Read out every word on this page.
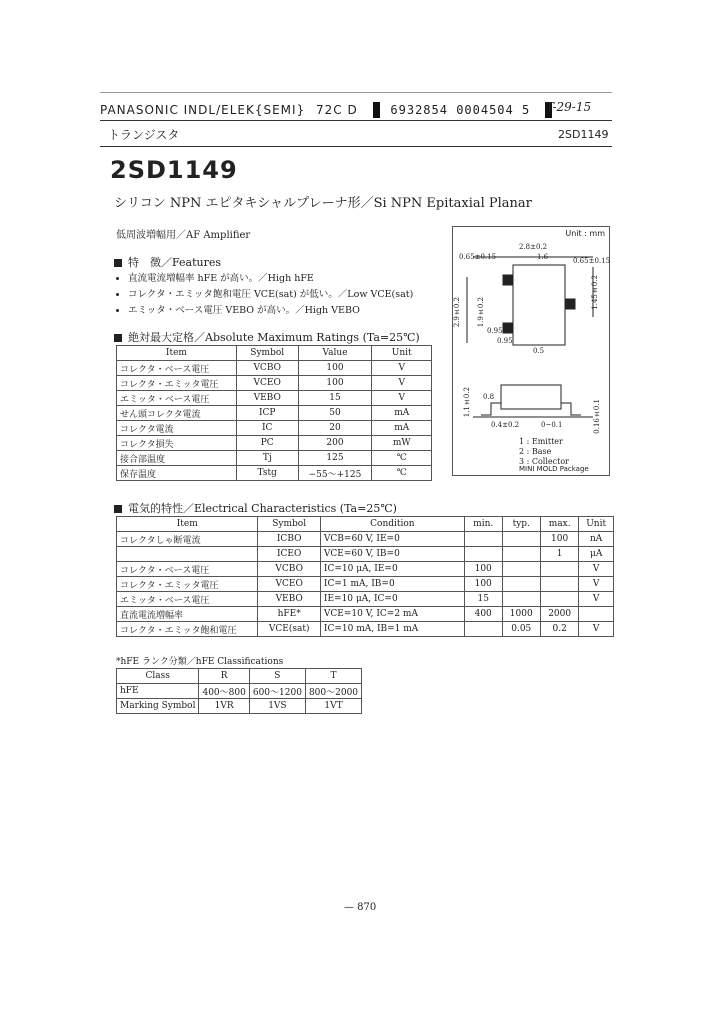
PANASONIC INDL/ELEK{SEMI} 72C D	6932854 0004504 5	T-29-15
トランジスタ	2SD1149
2SD1149
シリコン NPN エピタキシャルプレーナ形／Si NPN Epitaxial Planar
低周波増幅用／AF Amplifier
特　徴／Features
• 直流電流増幅率 hFE が高い。／High hFE
• コレクタ・エミッタ飽和電圧 VCE(sat) が低い。／Low VCE(sat)
• エミッタ・ベース電圧 VEBO が高い。／High VEBO
絶対最大定格／Absolute Maximum Ratings (Ta=25℃)
Item	Symbol	Value	Unit
コレクタ・ベース電圧	VCBO	100	V
コレクタ・エミッタ電圧	VCEO	100	V
エミッタ・ベース電圧	VEBO	15	V
せん頭コレクタ電流	ICP	50	mA
コレクタ電流	IC	20	mA
コレクタ損失	PC	200	mW
接合部温度	Tj	125	℃
保存温度	Tstg	−55～+125	℃
Unit : mm
2.8±0.2
1.6
0.65±0.15	0.65±0.15
2.9±0.2 1.9±0.2
0.95
0.95
1.45±0.2
1.1±0.2 0.8
0.4±0.2	0~0.1	0.16±0.1
0.5
1 : Emitter
2 : Base
3 : Collector
MINI MOLD Package
電気的特性／Electrical Characteristics (Ta=25℃)
Item	Symbol	Condition	min.	typ.	max.	Unit
コレクタしゃ断電流	ICBO	VCB=60 V, IE=0			100	nA
	ICEO	VCE=60 V, IB=0			1	μA
コレクタ・ベース電圧	VCBO	IC=10 μA, IE=0	100			V
コレクタ・エミッタ電圧	VCEO	IC=1 mA, IB=0	100			V
エミッタ・ベース電圧	VEBO	IE=10 μA, IC=0	15			V
直流電流増幅率	hFE*	VCE=10 V, IC=2 mA	400	1000	2000	
コレクタ・エミッタ飽和電圧	VCE(sat)	IC=10 mA, IB=1 mA		0.05	0.2	V
*hFE ランク分類／hFE Classifications
Class	R	S	T
hFE	400～800	600～1200	800～2000
Marking Symbol	1VR	1VS	1VT
— 870
